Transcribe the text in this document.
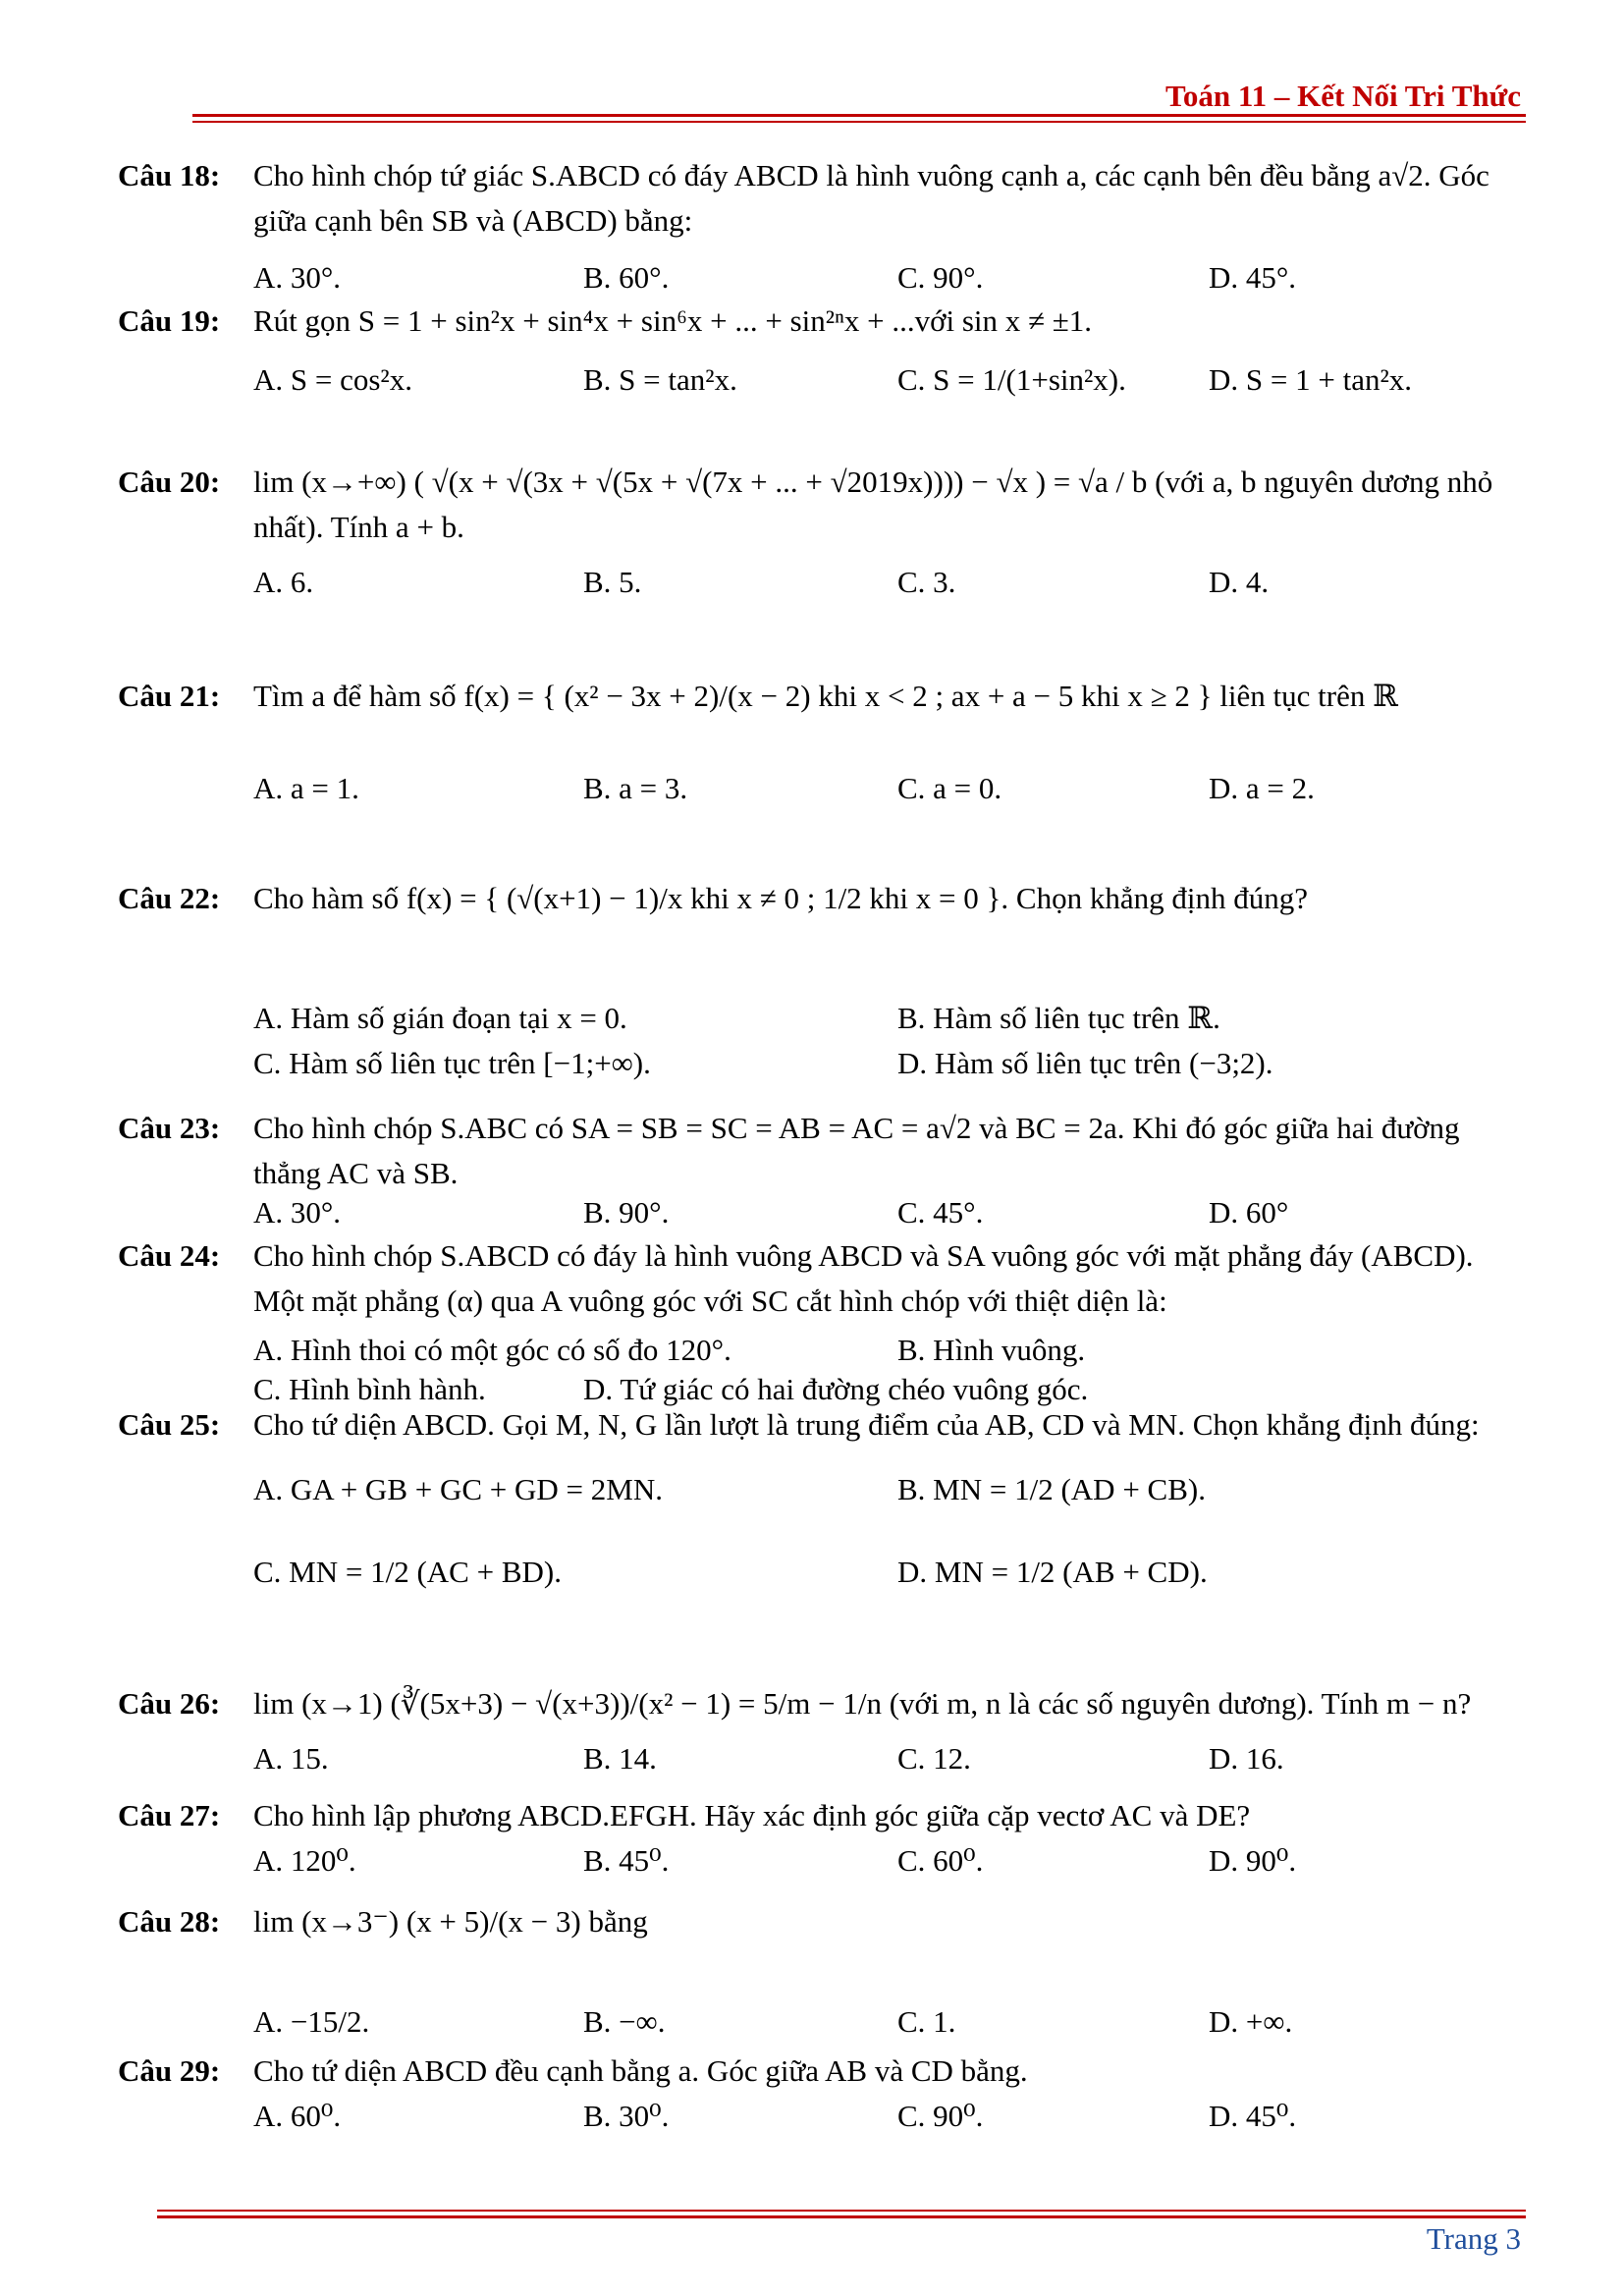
Toán 11 – Kết Nối Tri Thức
Câu 18: Cho hình chóp tứ giác S.ABCD có đáy ABCD là hình vuông cạnh a, các cạnh bên đều bằng a√2. Góc giữa cạnh bên SB và (ABCD) bằng:
A. 30°.	B. 60°.	C. 90°.	D. 45°.
Câu 19: Rút gọn S = 1 + sin²x + sin⁴x + sin⁶x + ... + sin²ⁿx + ...với sin x ≠ ±1.
A. S = cos²x.	B. S = tan²x.	C. S = 1/(1+sin²x).	D. S = 1 + tan²x.
Câu 20: lim (x→+∞) ( √(x + √(3x + √(5x + √(7x + ... + √2019x)))) − √x ) = √a / b (với a, b nguyên dương nhỏ nhất). Tính a + b.
A. 6.	B. 5.	C. 3.	D. 4.
Câu 21: Tìm a để hàm số f(x) = { (x² − 3x + 2)/(x − 2) khi x < 2 ; ax + a − 5 khi x ≥ 2 } liên tục trên ℝ
A. a = 1.	B. a = 3.	C. a = 0.	D. a = 2.
Câu 22: Cho hàm số f(x) = { (√(x+1) − 1)/x khi x ≠ 0 ; 1/2 khi x = 0 }. Chọn khẳng định đúng?
A. Hàm số gián đoạn tại x = 0.	B. Hàm số liên tục trên ℝ.
C. Hàm số liên tục trên [−1;+∞).	D. Hàm số liên tục trên (−3;2).
Câu 23: Cho hình chóp S.ABC có SA = SB = SC = AB = AC = a√2 và BC = 2a. Khi đó góc giữa hai đường thẳng AC và SB.
A. 30°.	B. 90°.	C. 45°.	D. 60°
Câu 24: Cho hình chóp S.ABCD có đáy là hình vuông ABCD và SA vuông góc với mặt phẳng đáy (ABCD). Một mặt phẳng (α) qua A vuông góc với SC cắt hình chóp với thiệt diện là:
A. Hình thoi có một góc có số đo 120°.	B. Hình vuông.
C. Hình bình hành.	D. Tứ giác có hai đường chéo vuông góc.
Câu 25: Cho tứ diện ABCD. Gọi M, N, G lần lượt là trung điểm của AB, CD và MN. Chọn khẳng định đúng:
A. GA + GB + GC + GD = 2MN.	B. MN = 1/2 (AD + CB).
C. MN = 1/2 (AC + BD).	D. MN = 1/2 (AB + CD).
Câu 26: lim (x→1) (∛(5x+3) − √(x+3))/(x² − 1) = 5/m − 1/n (với m, n là các số nguyên dương). Tính m − n?
A. 15.	B. 14.	C. 12.	D. 16.
Câu 27: Cho hình lập phương ABCD.EFGH. Hãy xác định góc giữa cặp vectơ AC và DE?
A. 120⁰.	B. 45⁰.	C. 60⁰.	D. 90⁰.
Câu 28: lim (x→3⁻) (x + 5)/(x − 3) bằng
A. −15/2.	B. −∞.	C. 1.	D. +∞.
Câu 29: Cho tứ diện ABCD đều cạnh bằng a. Góc giữa AB và CD bằng.
A. 60⁰.	B. 30⁰.	C. 90⁰.	D. 45⁰.
Trang 3
